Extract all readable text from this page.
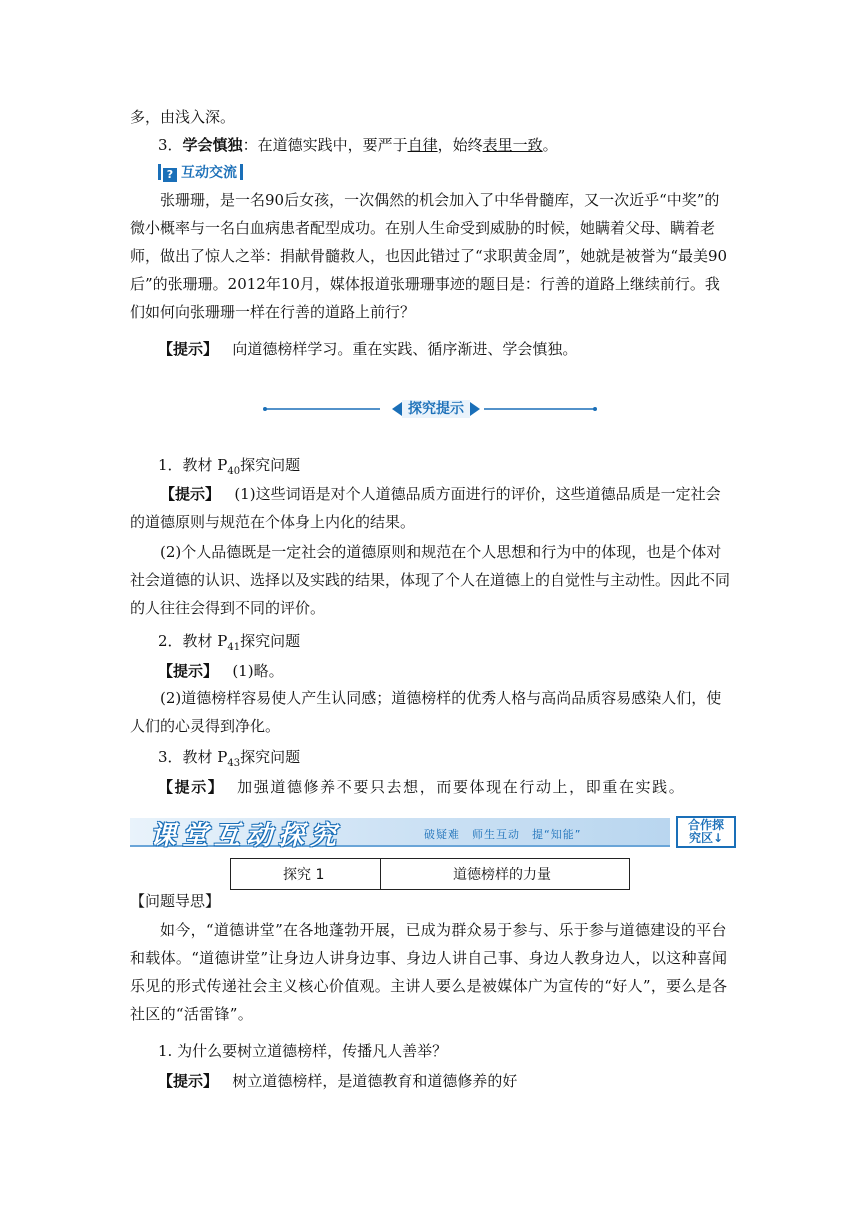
多，由浅入深。
3．学会慎独：在道德实践中，要严于自律，始终表里一致。
? 互动交流

张珊珊，是一名90后女孩，一次偶然的机会加入了中华骨髓库，又一次近乎“中奖”的微小概率与一名白血病患者配型成功。在别人生命受到威胁的时候，她瞒着父母、瞒着老师，做出了惊人之举：捐献骨髓救人，也因此错过了“求职黄金周”，她就是被誉为“最美90后”的张珊珊。2012年10月，媒体报道张珊珊事迹的题目是：行善的道路上继续前行。我们如何向张珊珊一样在行善的道路上前行？

【提示】 向道德榜样学习。重在实践、循序渐进、学会慎独。
探究提示
1．教材 $P_{40}$探究问题

【提示】 (1)这些词语是对个人道德品质方面进行的评价，这些道德品质是一定社会的道德原则与规范在个体身上内化的结果。

(2)个人品德既是一定社会的道德原则和规范在个人思想和行为中的体现，也是个体对社会道德的认识、选择以及实践的结果，体现了个人在道德上的自觉性与主动性。因此不同的人往往会得到不同的评价。

2．教材 $P_{41}$探究问题
【提示】 (1)略。

(2)道德榜样容易使人产生认同感；道德榜样的优秀人格与高尚品质容易感染人们，使人们的心灵得到净化。

3．教材 $P_{43}$探究问题
【提示】 加强道德修养不要只去想，而要体现在行动上，即重在实践。
课堂互动探究	破疑难　师生互动　提“知能”
合作探
究区↓
探究 1	道德榜样的力量
【问题导思】

如今，“道德讲堂”在各地蓬勃开展，已成为群众易于参与、乐于参与道德建设的平台和载体。“道德讲堂”让身边人讲身边事、身边人讲自己事、身边人教身边人，以这种喜闻乐见的形式传递社会主义核心价值观。主讲人要么是被媒体广为宣传的“好人”，要么是各社区的“活雷锋”。

1. 为什么要树立道德榜样，传播凡人善举？
【提示】 树立道德榜样，是道德教育和道德修养的好
